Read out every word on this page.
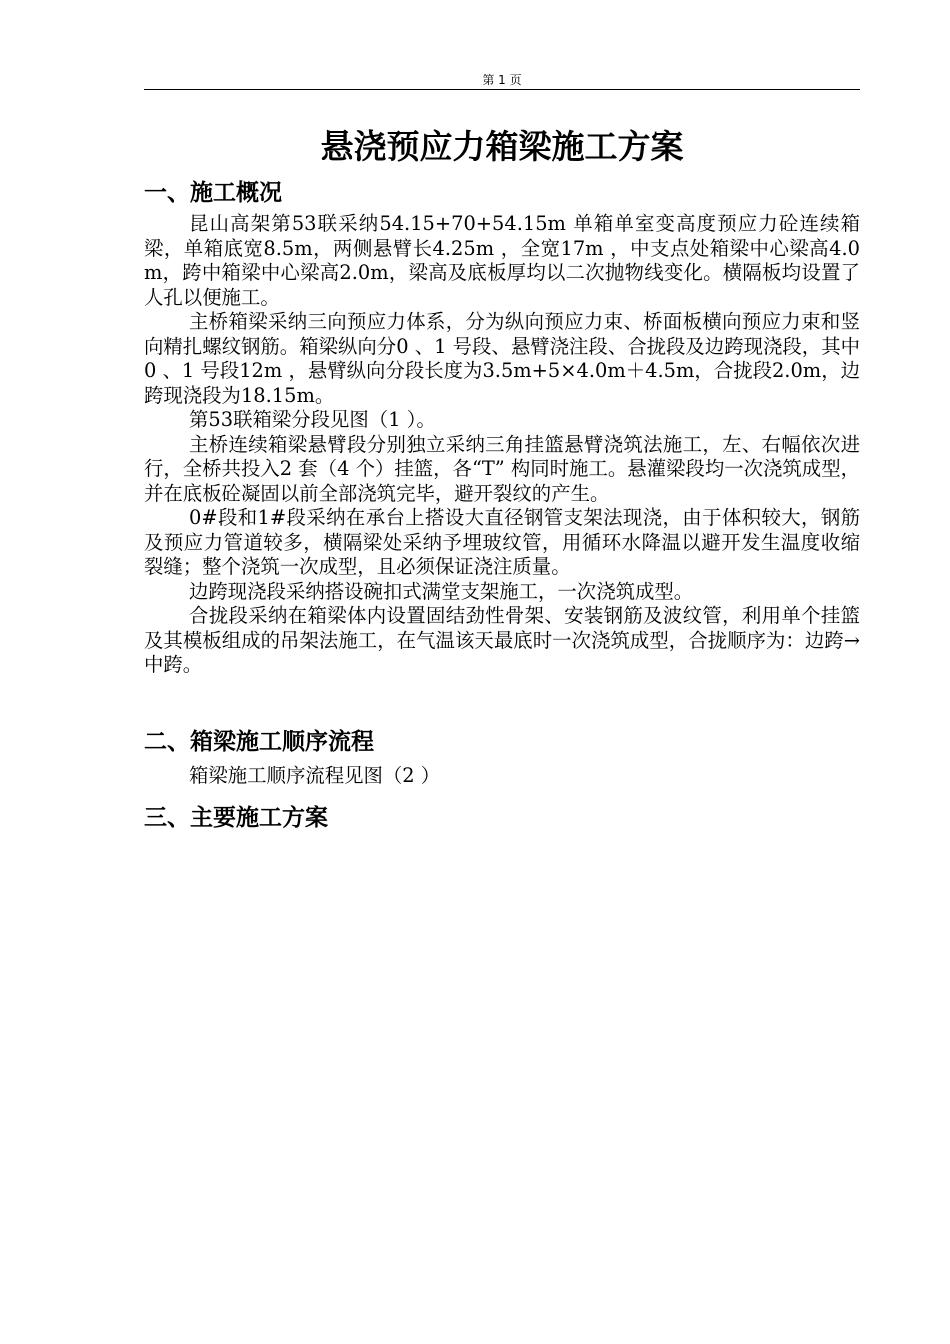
第 1 页
悬浇预应力箱梁施工方案
一、施工概况

昆山高架第53联采纳54.15+70+54.15m 单箱单室变高度预应力砼连续箱梁，单箱底宽8.5m，两侧悬臂长4.25m ，全宽17m ，中支点处箱梁中心梁高4.0m，跨中箱梁中心梁高2.0m，梁高及底板厚均以二次抛物线变化。横隔板均设置了人孔以便施工。

主桥箱梁采纳三向预应力体系，分为纵向预应力束、桥面板横向预应力束和竖向精扎螺纹钢筋。箱梁纵向分0 、1 号段、悬臂浇注段、合拢段及边跨现浇段，其中0 、1 号段12m ，悬臂纵向分段长度为3.5m+5×4.0m＋4.5m，合拢段2.0m，边跨现浇段为18.15m。

第53联箱梁分段见图（1 ）。

主桥连续箱梁悬臂段分别独立采纳三角挂篮悬臂浇筑法施工，左、右幅依次进行，全桥共投入2 套（4 个）挂篮，各“T” 构同时施工。悬灌梁段均一次浇筑成型，并在底板砼凝固以前全部浇筑完毕，避开裂纹的产生。

0#段和1#段采纳在承台上搭设大直径钢管支架法现浇，由于体积较大，钢筋及预应力管道较多，横隔梁处采纳予埋玻纹管，用循环水降温以避开发生温度收缩裂缝；整个浇筑一次成型，且必须保证浇注质量。

边跨现浇段采纳搭设碗扣式满堂支架施工，一次浇筑成型。

合拢段采纳在箱梁体内设置固结劲性骨架、安装钢筋及波纹管，利用单个挂篮及其模板组成的吊架法施工，在气温该天最底时一次浇筑成型，合拢顺序为：边跨→中跨。

二、箱梁施工顺序流程

箱梁施工顺序流程见图（2 ）

三、主要施工方案
